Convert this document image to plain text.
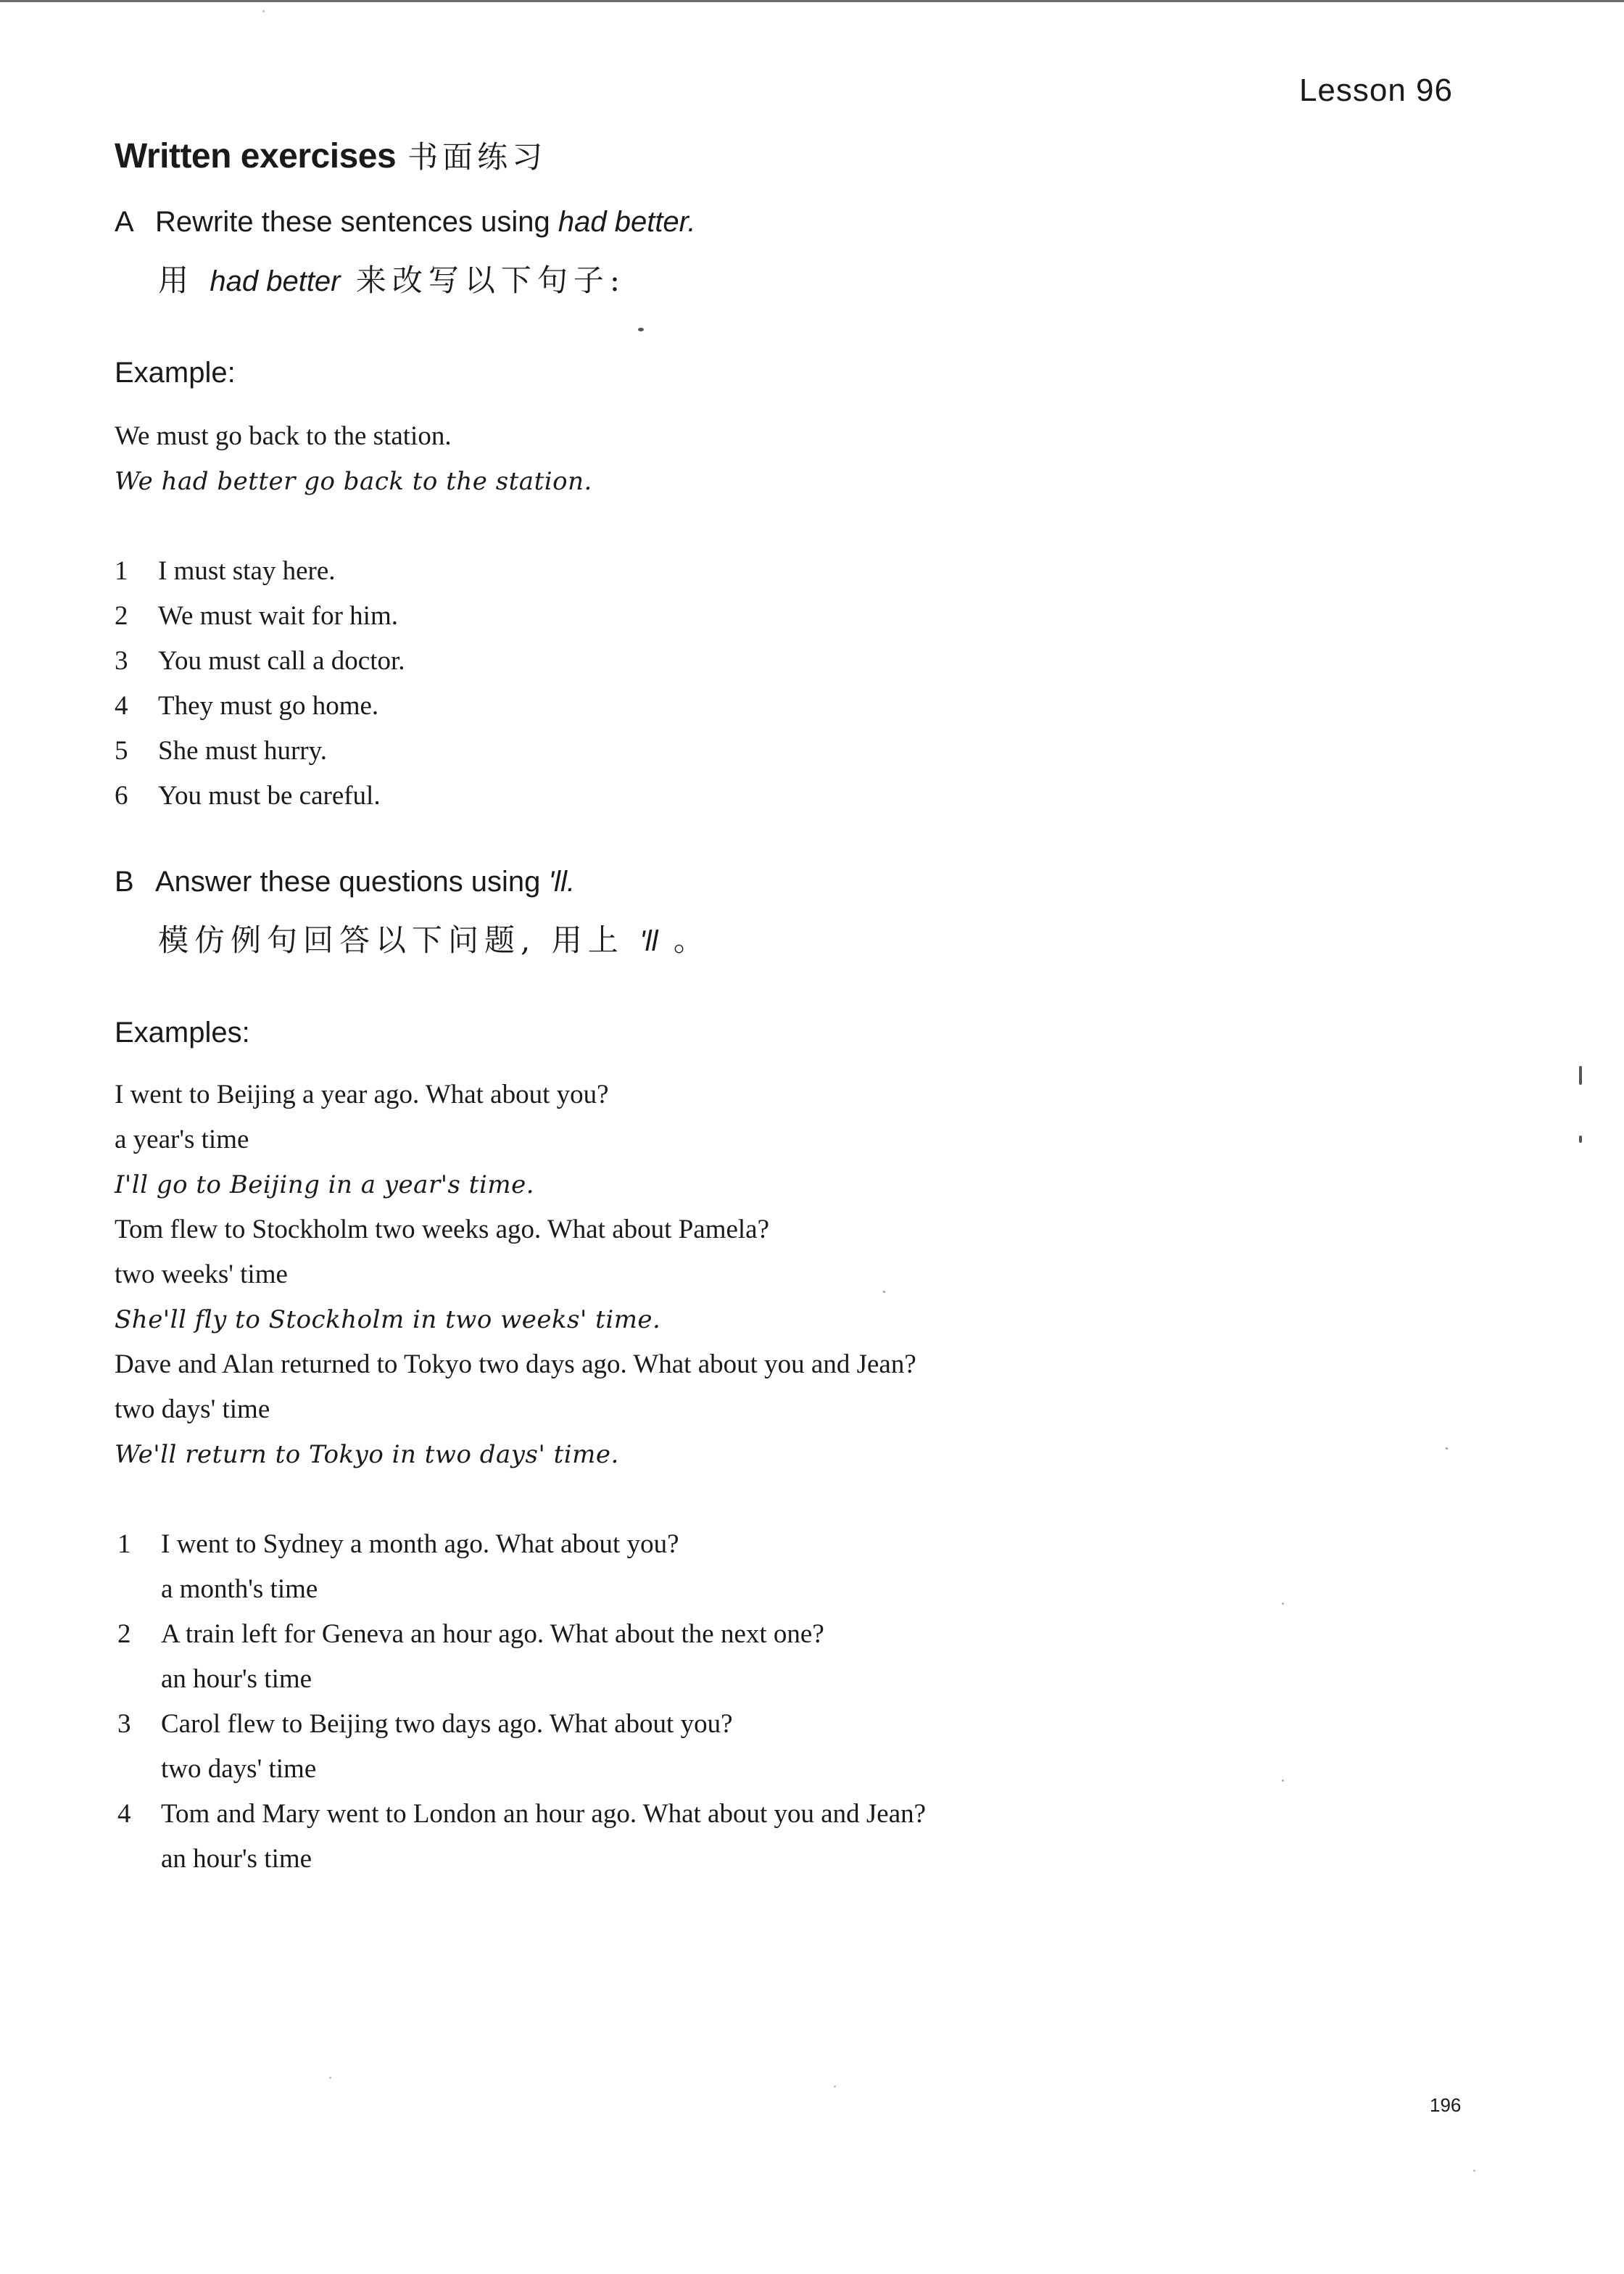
Lesson 96
Written exercises 书面练习
A Rewrite these sentences using had better.
用 had better 来改写以下句子:
Example:
We must go back to the station.
We had better go back to the station.
1 I must stay here.
2 We must wait for him.
3 You must call a doctor.
4 They must go home.
5 She must hurry.
6 You must be careful.
B Answer these questions using 'll.
模仿例句回答以下问题, 用上 'll 。
Examples:
I went to Beijing a year ago. What about you?
a year's time
I'll go to Beijing in a year's time.
Tom flew to Stockholm two weeks ago. What about Pamela?
two weeks' time
She'll fly to Stockholm in two weeks' time.
Dave and Alan returned to Tokyo two days ago. What about you and Jean?
two days' time
We'll return to Tokyo in two days' time.
1 I went to Sydney a month ago. What about you?
a month's time
2 A train left for Geneva an hour ago. What about the next one?
an hour's time
3 Carol flew to Beijing two days ago. What about you?
two days' time
4 Tom and Mary went to London an hour ago. What about you and Jean?
an hour's time
196
